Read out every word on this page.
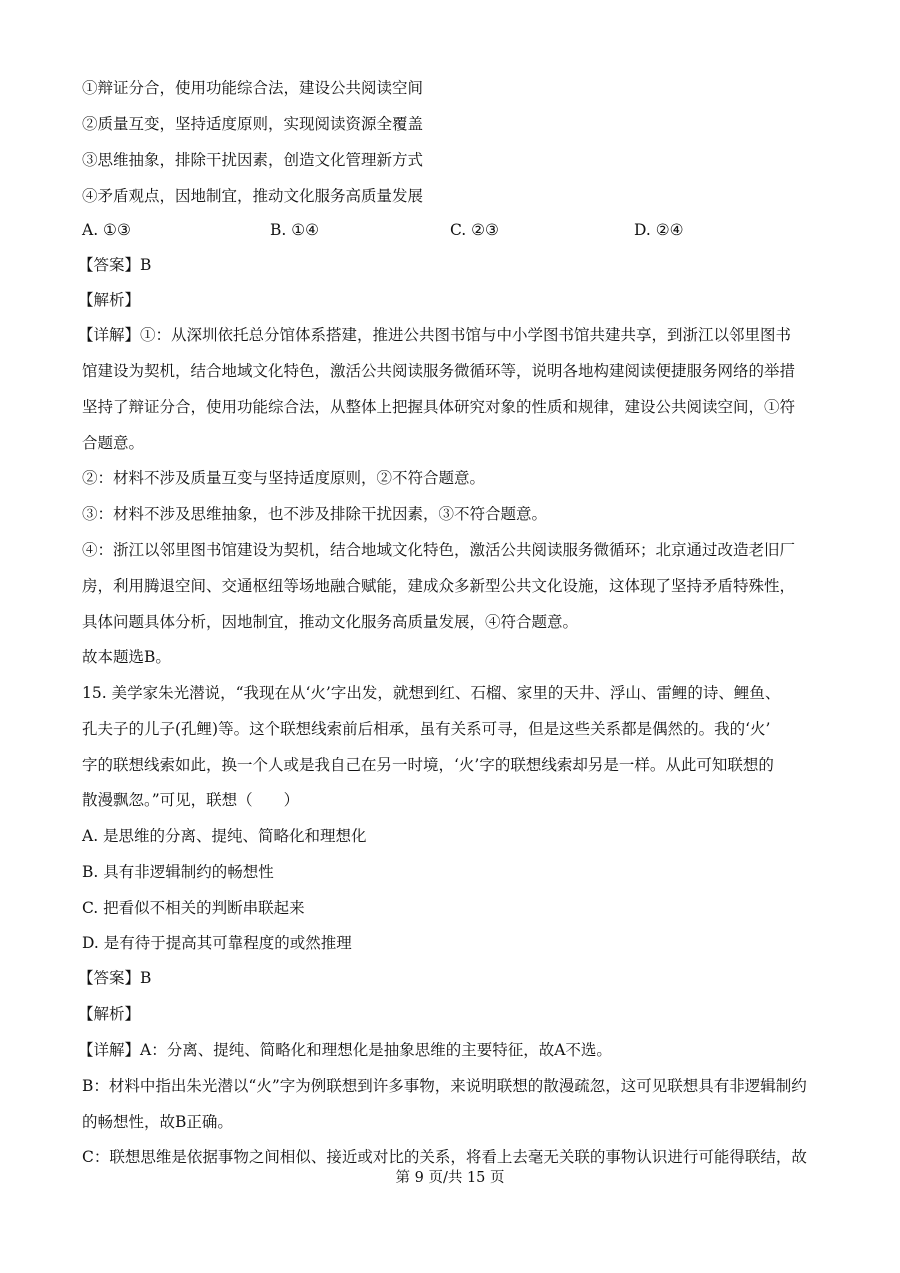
①辩证分合，使用功能综合法，建设公共阅读空间
②质量互变，坚持适度原则，实现阅读资源全覆盖
③思维抽象，排除干扰因素，创造文化管理新方式
④矛盾观点，因地制宜，推动文化服务高质量发展
A. ①③	B. ①④	C. ②③	D. ②④
【答案】B
【解析】
【详解】①：从深圳依托总分馆体系搭建，推进公共图书馆与中小学图书馆共建共享，到浙江以邻里图书
馆建设为契机，结合地域文化特色，激活公共阅读服务微循环等，说明各地构建阅读便捷服务网络的举措
坚持了辩证分合，使用功能综合法，从整体上把握具体研究对象的性质和规律，建设公共阅读空间，①符
合题意。
②：材料不涉及质量互变与坚持适度原则，②不符合题意。
③：材料不涉及思维抽象，也不涉及排除干扰因素，③不符合题意。
④：浙江以邻里图书馆建设为契机，结合地域文化特色，激活公共阅读服务微循环；北京通过改造老旧厂
房，利用腾退空间、交通枢纽等场地融合赋能，建成众多新型公共文化设施，这体现了坚持矛盾特殊性，
具体问题具体分析，因地制宜，推动文化服务高质量发展，④符合题意。
故本题选B。
15. 美学家朱光潜说，“我现在从‘火’字出发，就想到红、石榴、家里的天井、浮山、雷鲤的诗、鲤鱼、
孔夫子的儿子(孔鲤)等。这个联想线索前后相承，虽有关系可寻，但是这些关系都是偶然的。我的‘火’
字的联想线索如此，换一个人或是我自己在另一时境，‘火’字的联想线索却另是一样。从此可知联想的
散漫飘忽。”可见，联想（　　）
A. 是思维的分离、提纯、简略化和理想化
B. 具有非逻辑制约的畅想性
C. 把看似不相关的判断串联起来
D. 是有待于提高其可靠程度的或然推理
【答案】B
【解析】
【详解】A：分离、提纯、简略化和理想化是抽象思维的主要特征，故A不选。
B：材料中指出朱光潜以“火”字为例联想到许多事物，来说明联想的散漫疏忽，这可见联想具有非逻辑制约
的畅想性，故B正确。
C：联想思维是依据事物之间相似、接近或对比的关系，将看上去毫无关联的事物认识进行可能得联结，故
第 9 页/共 15 页
